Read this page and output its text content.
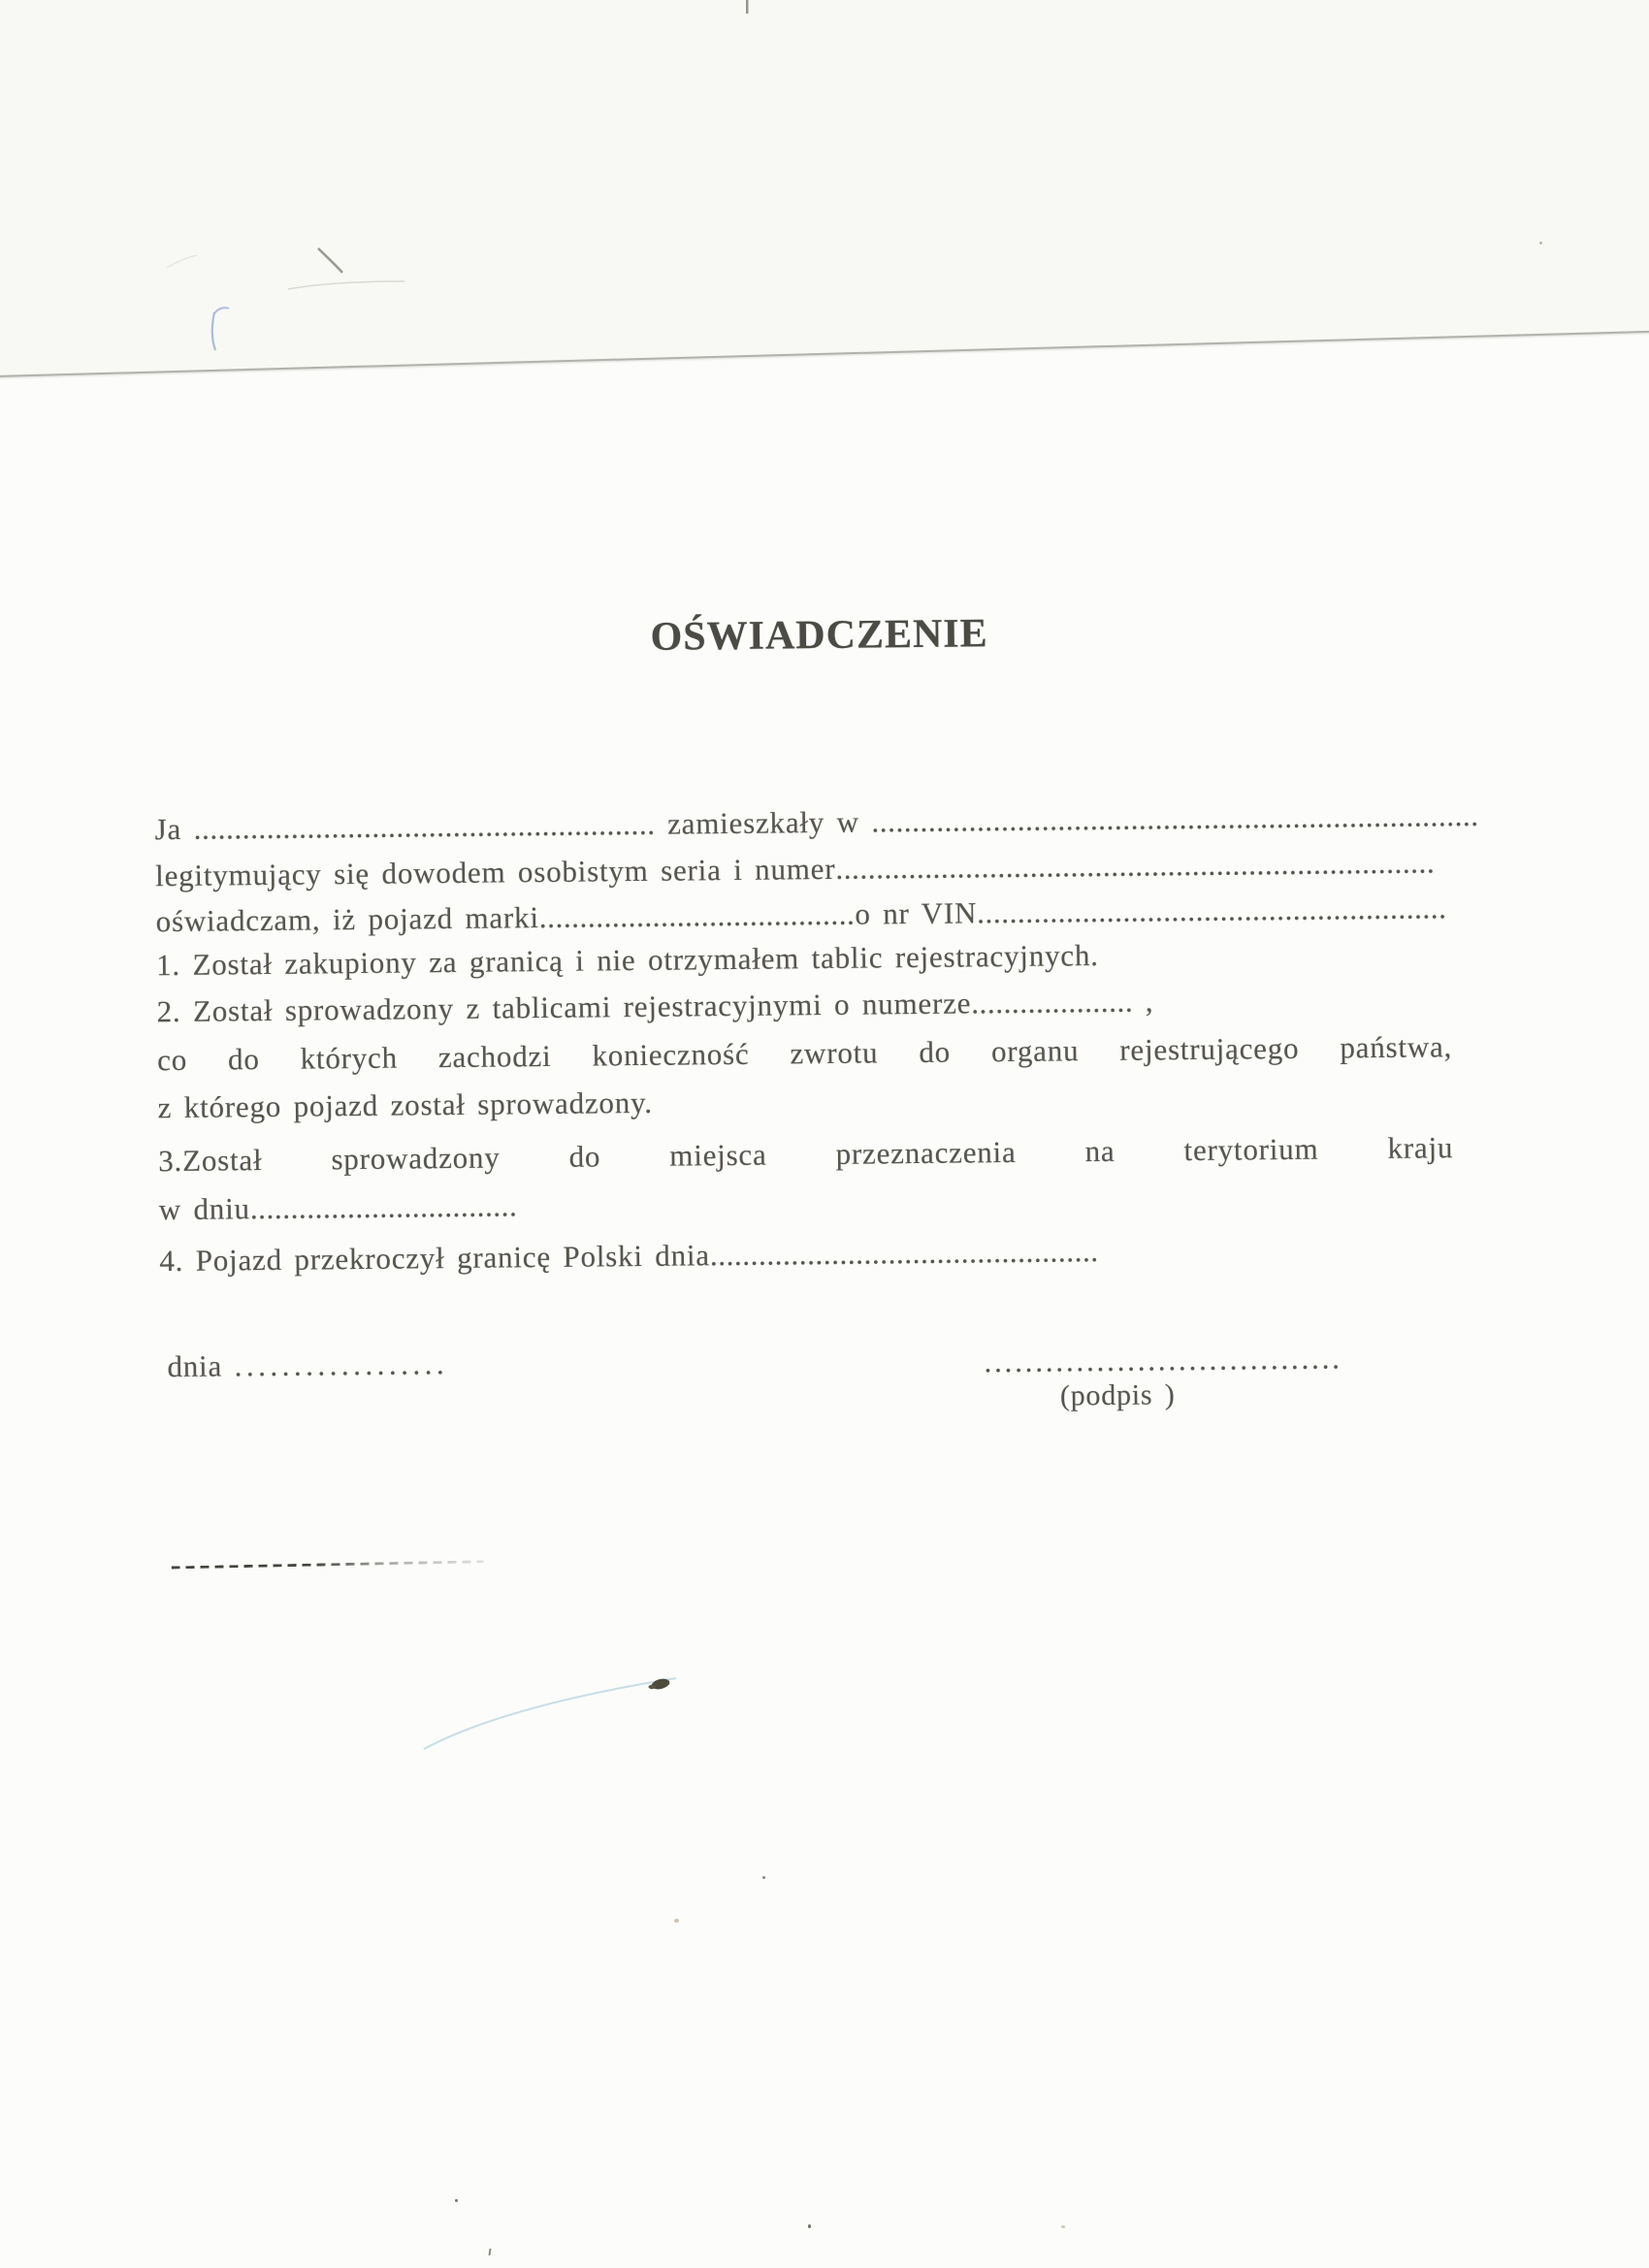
OŚWIADCZENIE
Ja ......................................................... zamieszkały w ...........................................................................
legitymujący się dowodem osobistym seria i numer..........................................................................
oświadczam, iż pojazd marki.......................................o nr VIN..........................................................
1. Został zakupiony za granicą i nie otrzymałem tablic rejestracyjnych.
2. Został sprowadzony z tablicami rejestracyjnymi o numerze.................... ,
co do których zachodzi konieczność zwrotu do organu rejestrującego państwa,
z którego pojazd został sprowadzony.
3.Został sprowadzony do miejsca przeznaczenia na terytorium kraju
w dniu.................................
4. Pojazd przekroczył granicę Polski dnia................................................
dnia ..................	...................................
(podpis )
